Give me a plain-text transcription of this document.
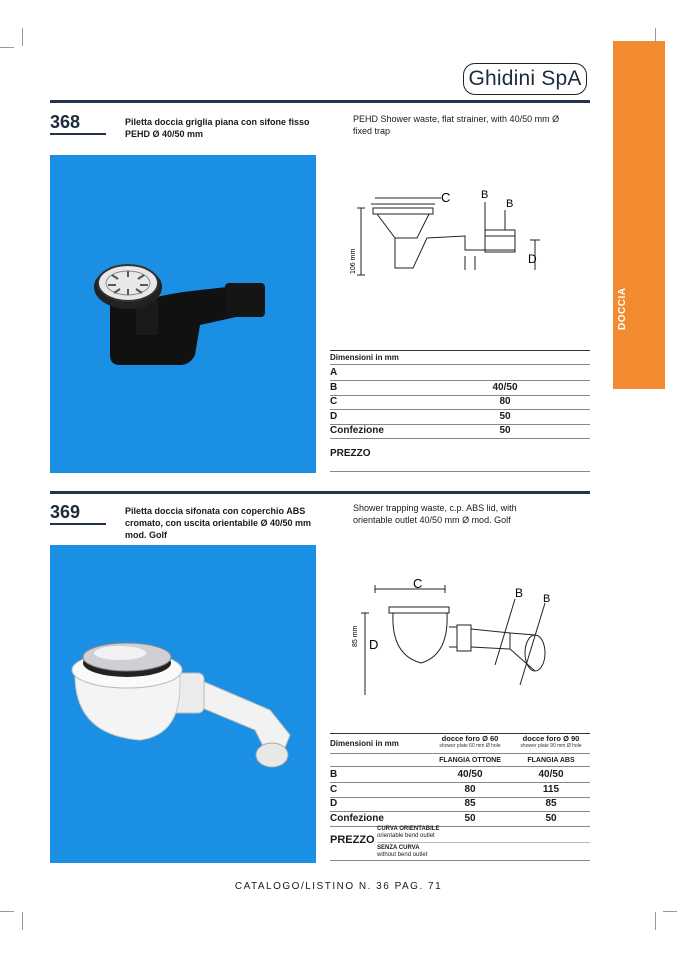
DOCCIA
Ghidini SpA
368	Piletta doccia griglia piana con sifone fisso
PEHD Ø 40/50 mm
PEHD Shower waste, flat strainer, with 40/50 mm Ø
fixed trap
C	B
B
D
106 mm
Dimensioni in mm
A
B	40/50
C	80
D	50
Confezione	50
PREZZO
369	Piletta doccia sifonata con coperchio ABS
cromato, con uscita orientabile Ø 40/50 mm
mod. Golf
Shower trapping waste, c.p. ABS lid, with
orientable outlet 40/50 mm Ø mod. Golf
C
B B
D
85 mm
Dimensioni in mm
docce foro Ø 60
shower plate 60 mm Ø hole
docce foro Ø 90
shower plate 90 mm Ø hole
FLANGIA OTTONE	FLANGIA ABS
B	40/50	40/50
C	80	115
D	85	85
Confezione	50	50
PREZZO
CURVA ORIENTABILE
orientable bend outlet
SENZA CURVA
without bend outlet
CATALOGO/LISTINO N. 36 PAG. 71
